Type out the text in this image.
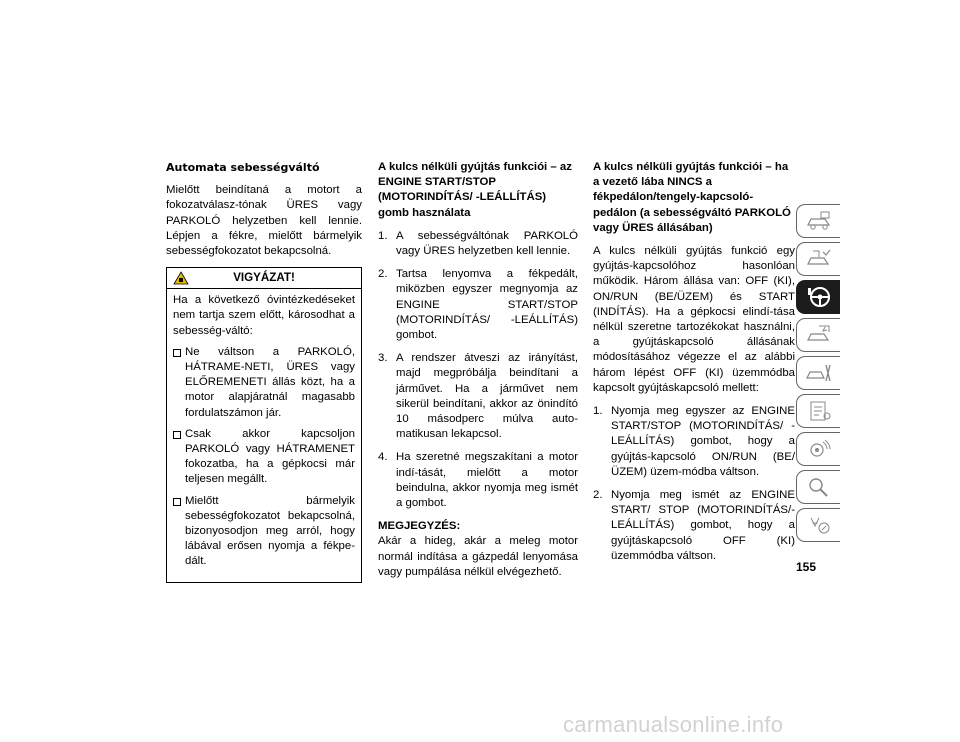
Automata sebességváltó

Mielőtt beindítaná a motort a fokozatválasz-tónak ÜRES vagy PARKOLÓ helyzetben kell lennie. Lépjen a fékre, mielőtt bármelyik sebességfokozatot bekapcsolná.

VIGYÁZAT!

Ha a következő óvintézkedéseket nem tartja szem előtt, károsodhat a sebesség-váltó:

Ne váltson a PARKOLÓ, HÁTRAME-NETI, ÜRES vagy ELŐREMENETI állás közt, ha a motor alapjáratnál magasabb fordulatszámon jár.
Csak akkor kapcsoljon PARKOLÓ vagy HÁTRAMENET fokozatba, ha a gépkocsi már teljesen megállt.
Mielőtt bármelyik sebességfokozatot bekapcsolná, bizonyosodjon meg arról, hogy lábával erősen nyomja a fékpe-dált.
A kulcs nélküli gyújtás funkciói – az ENGINE START/STOP (MOTORINDÍTÁS/ -LEÁLLÍTÁS) gomb használata
1. A sebességváltónak PARKOLÓ vagy ÜRES helyzetben kell lennie.
2. Tartsa lenyomva a fékpedált, miközben egyszer megnyomja az ENGINE START/STOP (MOTORINDÍTÁS/ -LEÁLLÍTÁS) gombot.
3. A rendszer átveszi az irányítást, majd megpróbálja beindítani a járművet. Ha a járművet nem sikerül beindítani, akkor az önindító 10 másodperc múlva auto-matikusan lekapcsol.
4. Ha szeretné megszakítani a motor indí-tását, mielőtt a motor beindulna, akkor nyomja meg ismét a gombot.
MEGJEGYZÉS:

Akár a hideg, akár a meleg motor normál indítása a gázpedál lenyomása vagy pumpálása nélkül elvégezhető.

A kulcs nélküli gyújtás funkciói – ha a vezető lába NINCS a fékpedálon/tengely-kapcsoló-pedálon (a sebességváltó PARKOLÓ vagy ÜRES állásában)

A kulcs nélküli gyújtás funkció egy gyújtás-kapcsolóhoz hasonlóan működik. Három állása van: OFF (KI), ON/RUN (BE/ÜZEM) és START (INDÍTÁS). Ha a gépkocsi elindí-tása nélkül szeretne tartozékokat használni, a gyújtáskapcsoló állásának módosításához végezze el az alábbi három lépést OFF (KI) üzemmódba kapcsolt gyújtáskapcsoló mellett:

1. Nyomja meg egyszer az ENGINE START/STOP (MOTORINDÍTÁS/ -LEÁLLÍTÁS) gombot, hogy a gyújtás-kapcsoló ON/RUN (BE/ÜZEM) üzem-módba váltson.
2. Nyomja meg ismét az ENGINE START/ STOP (MOTORINDÍTÁS/-LEÁLLÍTÁS) gombot, hogy a gyújtáskapcsoló OFF (KI) üzemmódba váltson.
155
carmanualsonline.info
